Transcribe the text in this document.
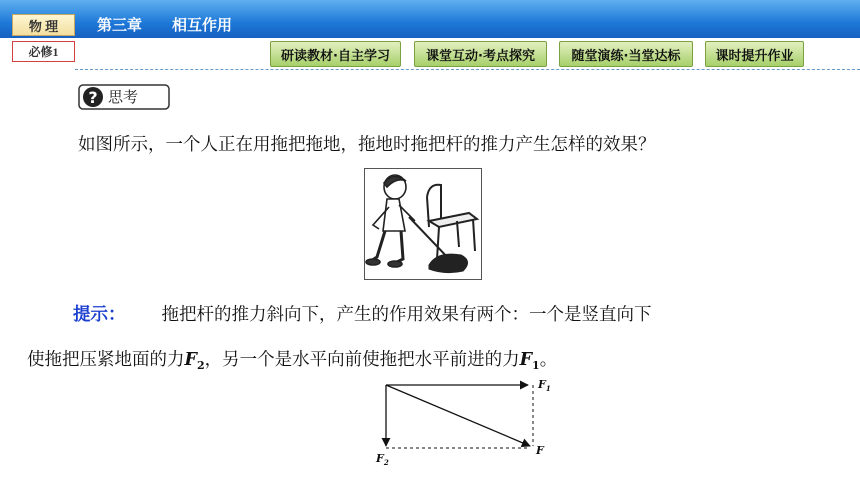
物 理	第三章 相互作用
必修1	研读教材·自主学习	课堂互动·考点探究	随堂演练·当堂达标	课时提升作业
? 思考
如图所示，一个人正在用拖把拖地，拖地时拖把杆的推力产生怎样的效果？
提示： 拖把杆的推力斜向下，产生的作用效果有两个：一个是竖直向下
使拖把压紧地面的力$F_2$，另一个是水平向前使拖把水平前进的力$F_1$。
$F_1$
$F_2$
F
